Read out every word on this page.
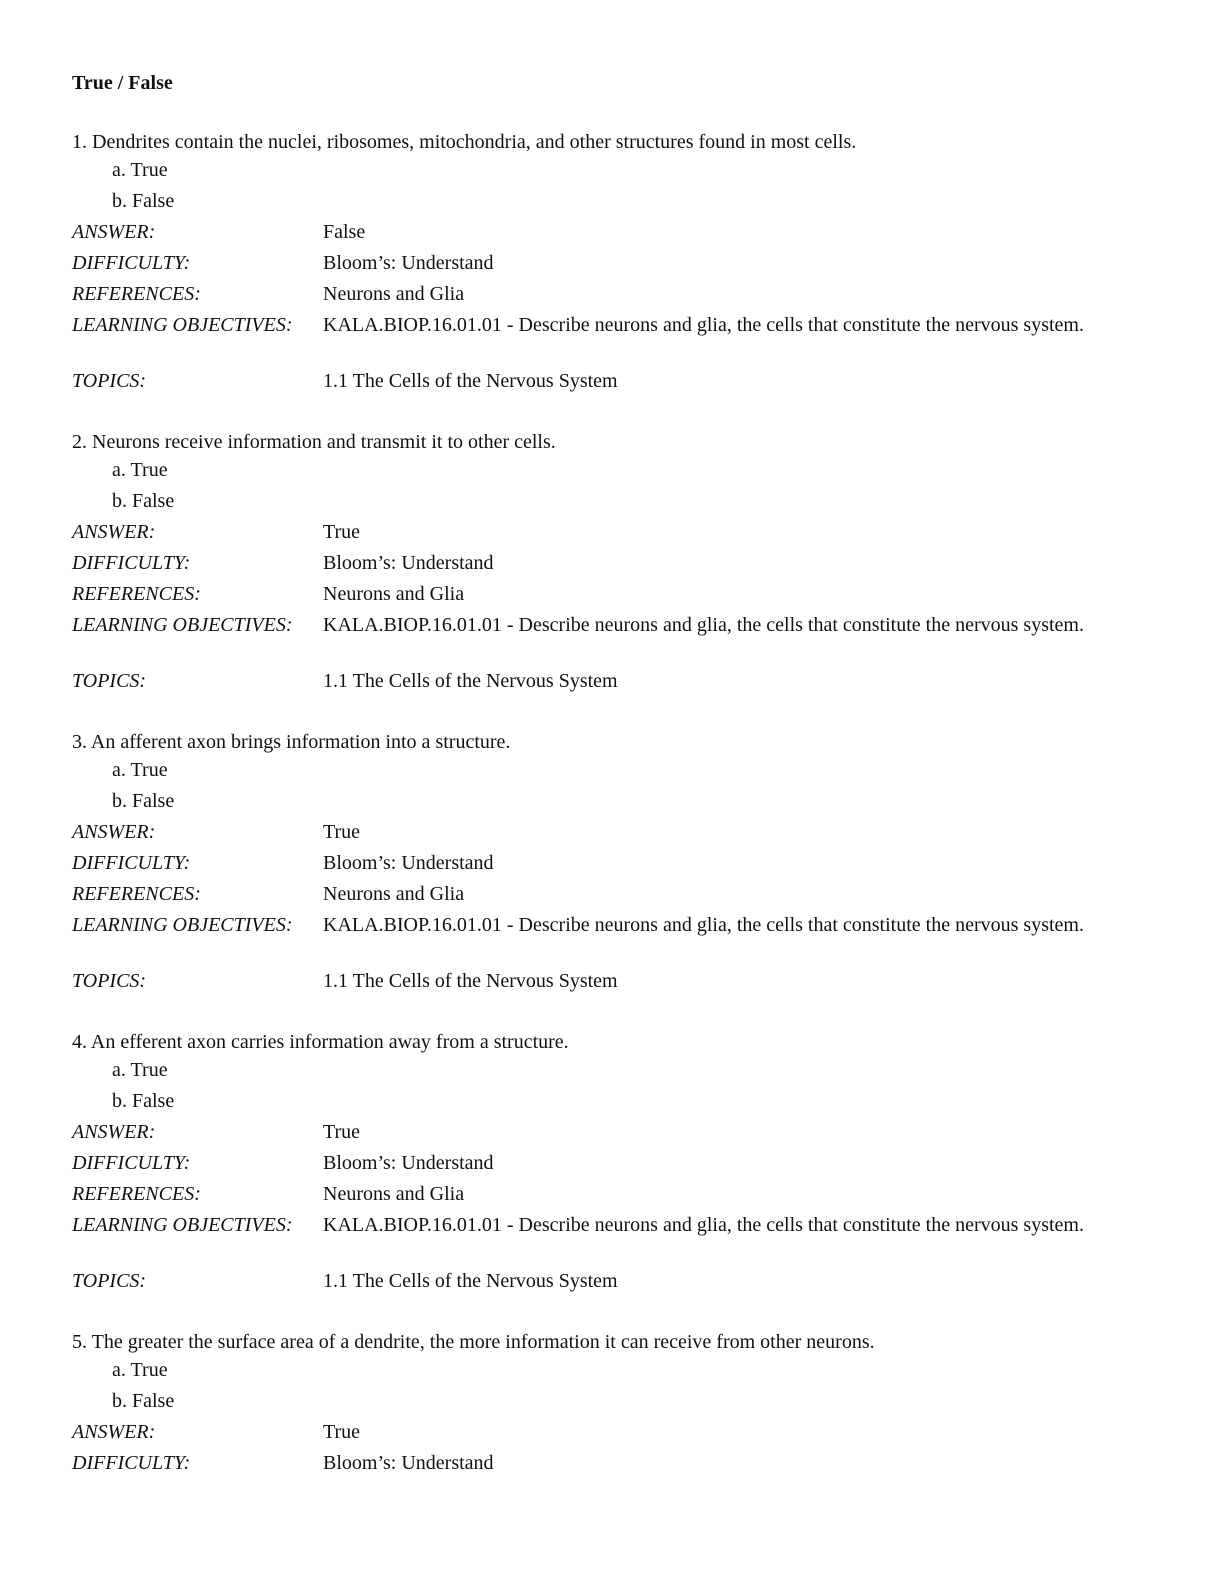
True / False
1. Dendrites contain the nuclei, ribosomes, mitochondria, and other structures found in most cells.
a. True
b. False
ANSWER:	False
DIFFICULTY:	Bloom’s: Understand
REFERENCES:	Neurons and Glia
LEARNING OBJECTIVES:	KALA.BIOP.16.01.01 - Describe neurons and glia, the cells that constitute the nervous system.
TOPICS:	1.1 The Cells of the Nervous System
2. Neurons receive information and transmit it to other cells.
a. True
b. False
ANSWER:	True
DIFFICULTY:	Bloom’s: Understand
REFERENCES:	Neurons and Glia
LEARNING OBJECTIVES:	KALA.BIOP.16.01.01 - Describe neurons and glia, the cells that constitute the nervous system.
TOPICS:	1.1 The Cells of the Nervous System
3. An afferent axon brings information into a structure.
a. True
b. False
ANSWER:	True
DIFFICULTY:	Bloom’s: Understand
REFERENCES:	Neurons and Glia
LEARNING OBJECTIVES:	KALA.BIOP.16.01.01 - Describe neurons and glia, the cells that constitute the nervous system.
TOPICS:	1.1 The Cells of the Nervous System
4. An efferent axon carries information away from a structure.
a. True
b. False
ANSWER:	True
DIFFICULTY:	Bloom’s: Understand
REFERENCES:	Neurons and Glia
LEARNING OBJECTIVES:	KALA.BIOP.16.01.01 - Describe neurons and glia, the cells that constitute the nervous system.
TOPICS:	1.1 The Cells of the Nervous System
5. The greater the surface area of a dendrite, the more information it can receive from other neurons.
a. True
b. False
ANSWER:	True
DIFFICULTY:	Bloom’s: Understand
